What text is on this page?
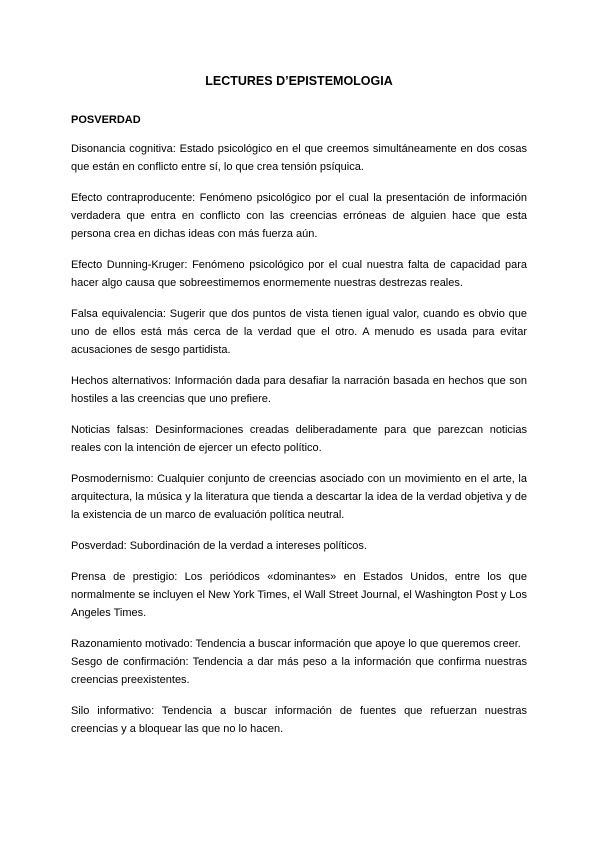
LECTURES D’EPISTEMOLOGIA
POSVERDAD

Disonancia cognitiva: Estado psicológico en el que creemos simultáneamente en dos cosas que están en conflicto entre sí, lo que crea tensión psíquica.

Efecto contraproducente: Fenómeno psicológico por el cual la presentación de información verdadera que entra en conflicto con las creencias erróneas de alguien hace que esta persona crea en dichas ideas con más fuerza aún.

Efecto Dunning-Kruger: Fenómeno psicológico por el cual nuestra falta de capacidad para hacer algo causa que sobreestimemos enormemente nuestras destrezas reales.

Falsa equivalencia: Sugerir que dos puntos de vista tienen igual valor, cuando es obvio que uno de ellos está más cerca de la verdad que el otro. A menudo es usada para evitar acusaciones de sesgo partidista.

Hechos alternativos: Información dada para desafiar la narración basada en hechos que son hostiles a las creencias que uno prefiere.

Noticias falsas: Desinformaciones creadas deliberadamente para que parezcan noticias reales con la intención de ejercer un efecto político.

Posmodernismo: Cualquier conjunto de creencias asociado con un movimiento en el arte, la arquitectura, la música y la literatura que tienda a descartar la idea de la verdad objetiva y de la existencia de un marco de evaluación política neutral.

Posverdad: Subordinación de la verdad a intereses políticos.

Prensa de prestigio: Los periódicos «dominantes» en Estados Unidos, entre los que normalmente se incluyen el New York Times, el Wall Street Journal, el Washington Post y Los Angeles Times.

Razonamiento motivado: Tendencia a buscar información que apoye lo que queremos creer.

Sesgo de confirmación: Tendencia a dar más peso a la información que confirma nuestras creencias preexistentes.

Silo informativo: Tendencia a buscar información de fuentes que refuerzan nuestras creencias y a bloquear las que no lo hacen.
